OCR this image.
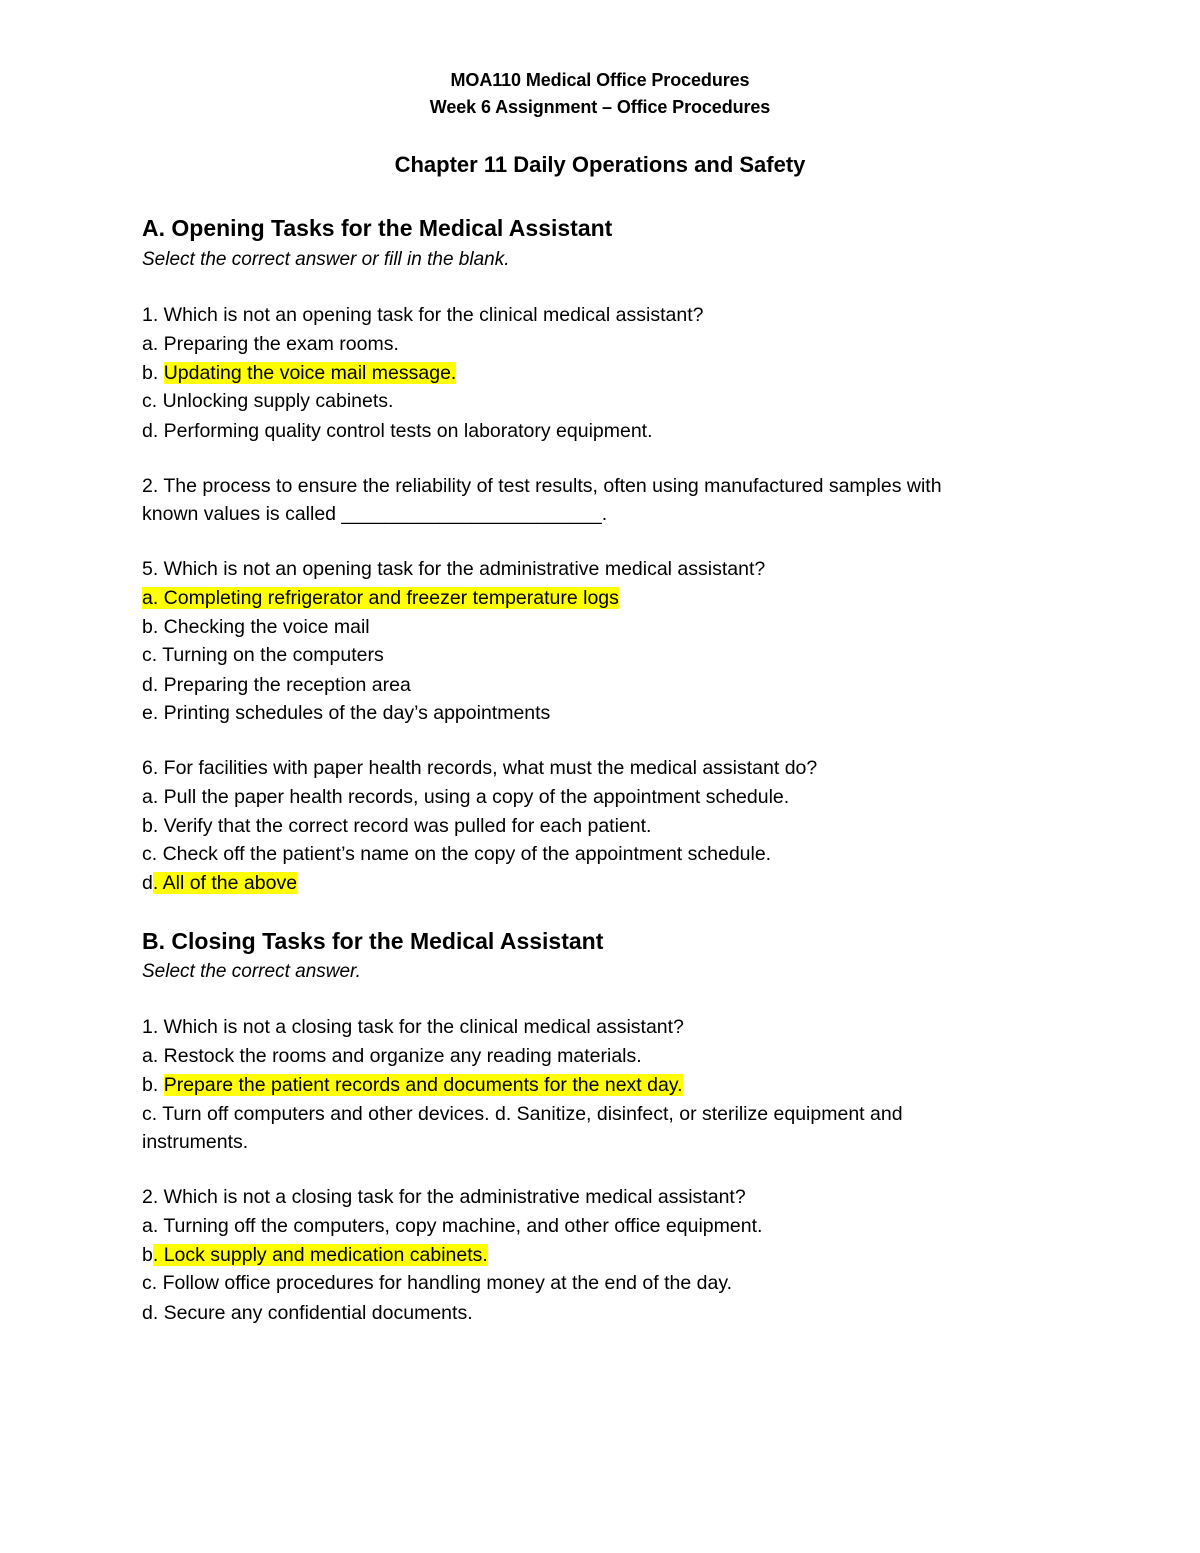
MOA110 Medical Office Procedures
Week 6 Assignment – Office Procedures
Chapter 11 Daily Operations and Safety
A. Opening Tasks for the Medical Assistant
Select the correct answer or fill in the blank.
1. Which is not an opening task for the clinical medical assistant?
a. Preparing the exam rooms.
b. Updating the voice mail message.
c. Unlocking supply cabinets.
d. Performing quality control tests on laboratory equipment.
2. The process to ensure the reliability of test results, often using manufactured samples with
known values is called ________________________.
5. Which is not an opening task for the administrative medical assistant?
a. Completing refrigerator and freezer temperature logs
b. Checking the voice mail
c. Turning on the computers
d. Preparing the reception area
e. Printing schedules of the day’s appointments
6. For facilities with paper health records, what must the medical assistant do?
a. Pull the paper health records, using a copy of the appointment schedule.
b. Verify that the correct record was pulled for each patient.
c. Check off the patient’s name on the copy of the appointment schedule.
d. All of the above
B. Closing Tasks for the Medical Assistant
Select the correct answer.
1. Which is not a closing task for the clinical medical assistant?
a. Restock the rooms and organize any reading materials.
b. Prepare the patient records and documents for the next day.
c. Turn off computers and other devices. d. Sanitize, disinfect, or sterilize equipment and
instruments.
2. Which is not a closing task for the administrative medical assistant?
a. Turning off the computers, copy machine, and other office equipment.
b. Lock supply and medication cabinets.
c. Follow office procedures for handling money at the end of the day.
d. Secure any confidential documents.
